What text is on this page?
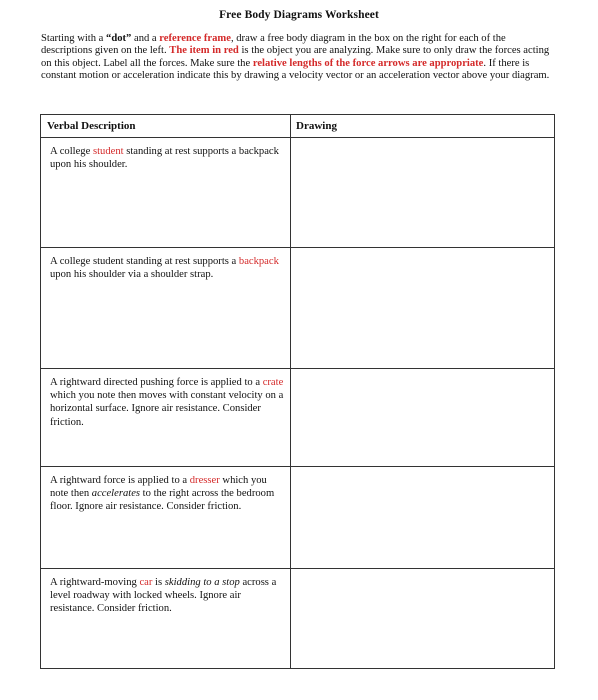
Free Body Diagrams Worksheet
Starting with a “dot” and a reference frame, draw a free body diagram in the box on the right for each of the descriptions given on the left. The item in red is the object you are analyzing. Make sure to only draw the forces acting on this object. Label all the forces. Make sure the relative lengths of the force arrows are appropriate. If there is constant motion or acceleration indicate this by drawing a velocity vector or an acceleration vector above your diagram.
Verbal Description	Drawing

A college student standing at rest supports a backpack upon his shoulder.	

A college student standing at rest supports a backpack upon his shoulder via a shoulder strap.	

A rightward directed pushing force is applied to a crate which you note then moves with constant velocity on a horizontal surface. Ignore air resistance. Consider friction.	

A rightward force is applied to a dresser which you note then accelerates to the right across the bedroom floor. Ignore air resistance. Consider friction.	

A rightward-moving car is skidding to a stop across a level roadway with locked wheels. Ignore air resistance. Consider friction.	
